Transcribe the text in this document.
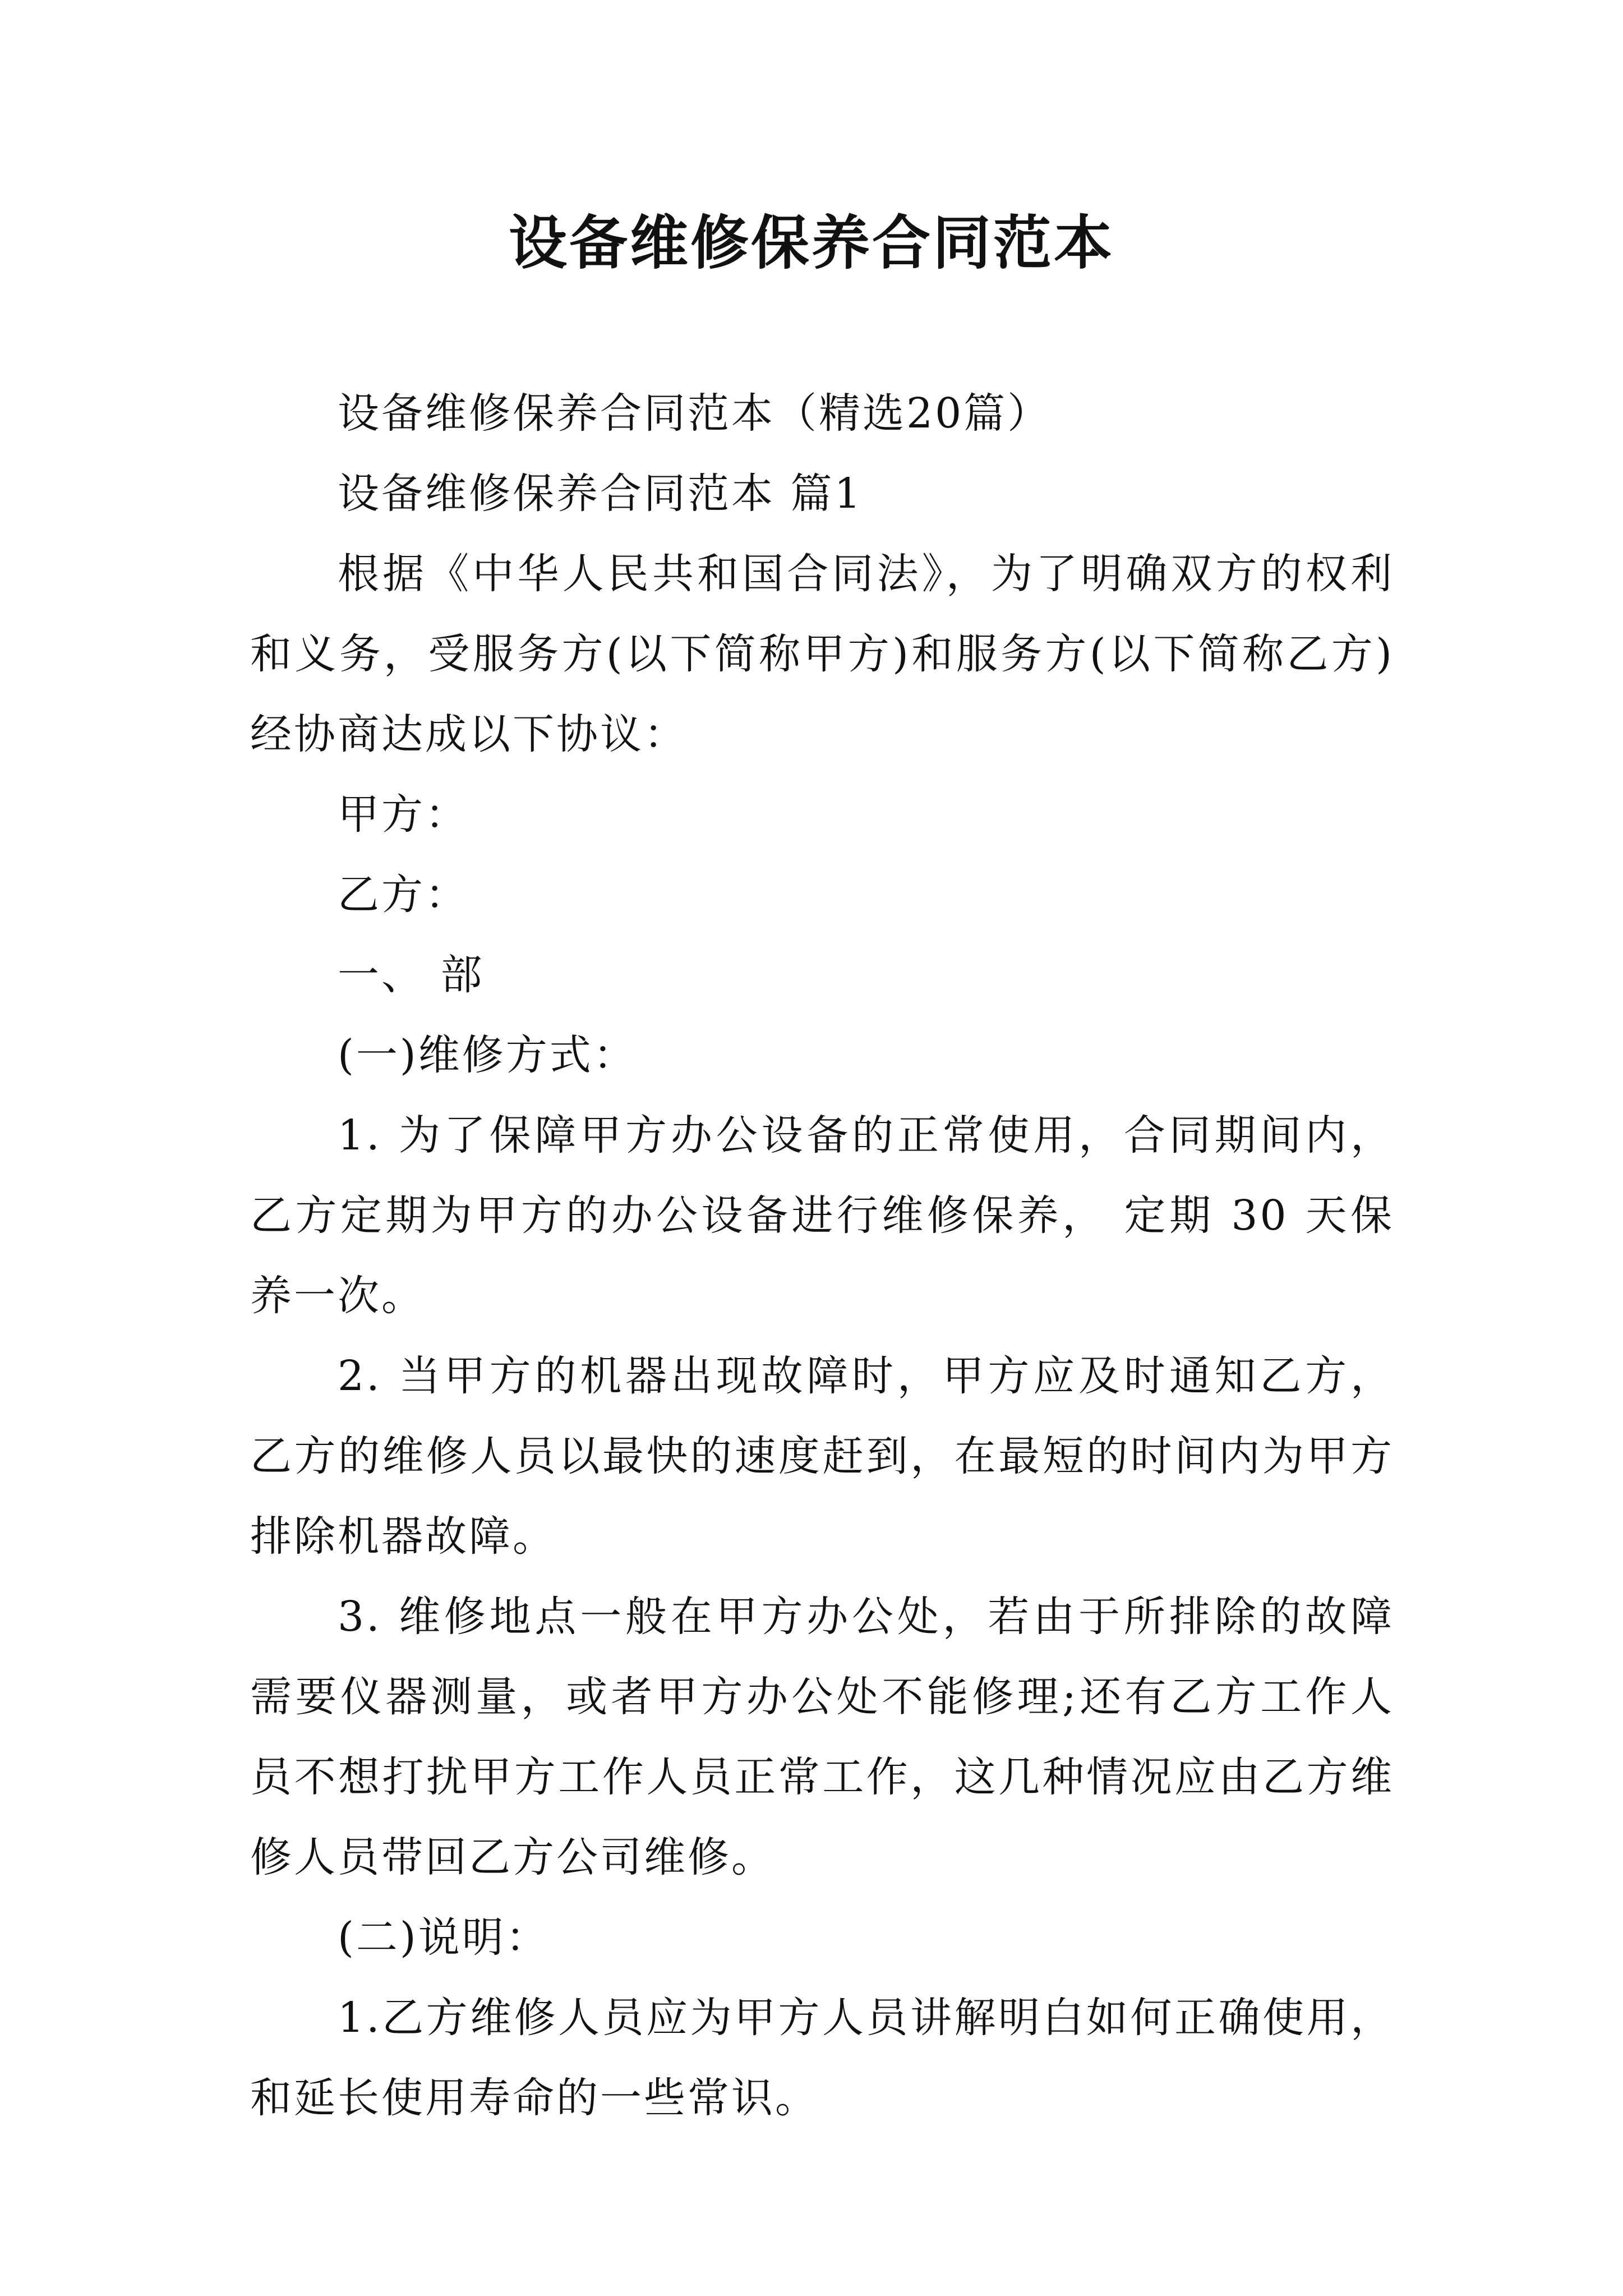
设备维修保养合同范本

设备维修保养合同范本（精选20篇）

设备维修保养合同范本 篇1

根据《中华人民共和国合同法》，为了明确双方的权利和义务，受服务方(以下简称甲方)和服务方(以下简称乙方)经协商达成以下协议：

甲方：

乙方：

一、 部

(一)维修方式：

1. 为了保障甲方办公设备的正常使用，合同期间内，乙方定期为甲方的办公设备进行维修保养， 定期 30 天保养一次。

2. 当甲方的机器出现故障时，甲方应及时通知乙方，乙方的维修人员以最快的速度赶到，在最短的时间内为甲方排除机器故障。

3. 维修地点一般在甲方办公处，若由于所排除的故障需要仪器测量，或者甲方办公处不能修理;还有乙方工作人员不想打扰甲方工作人员正常工作，这几种情况应由乙方维修人员带回乙方公司维修。

(二)说明：

1.乙方维修人员应为甲方人员讲解明白如何正确使用，和延长使用寿命的一些常识。
